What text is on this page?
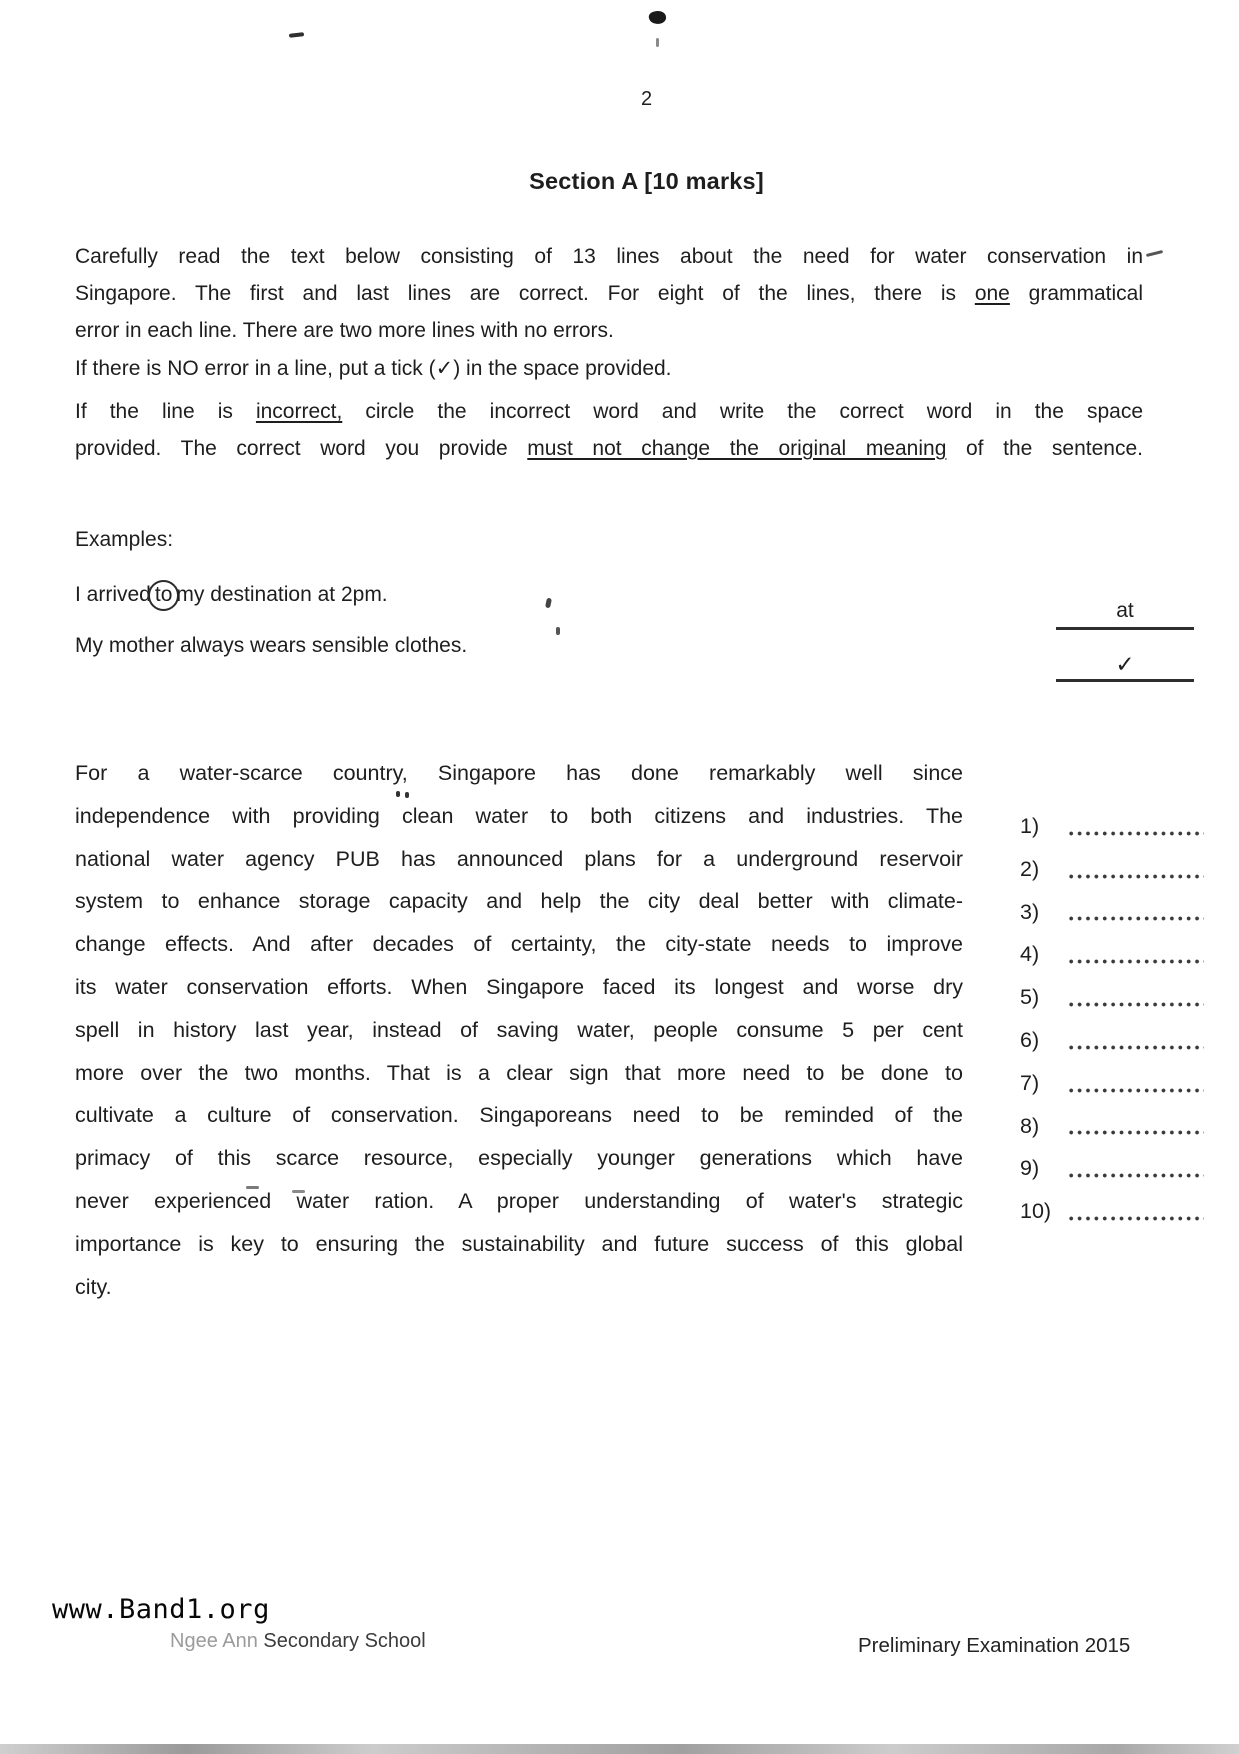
2
Section A [10 marks]
Carefully read the text below consisting of 13 lines about the need for water conservation in
Singapore. The first and last lines are correct. For eight of the lines, there is one grammatical
error in each line. There are two more lines with no errors.
If there is NO error in a line, put a tick (✓) in the space provided.
If the line is incorrect, circle the incorrect word and write the correct word in the space
provided. The correct word you provide must not change the original meaning of the sentence.
Examples:
I arrived to my destination at 2pm.
at
My mother always wears sensible clothes.
✓
For a water-scarce country, Singapore has done remarkably well since
independence with providing clean water to both citizens and industries. The
national water agency PUB has announced plans for a underground reservoir
system to enhance storage capacity and help the city deal better with climate-
change effects. And after decades of certainty, the city-state needs to improve
its water conservation efforts. When Singapore faced its longest and worse dry
spell in history last year, instead of saving water, people consume 5 per cent
more over the two months. That is a clear sign that more need to be done to
cultivate a culture of conservation. Singaporeans need to be reminded of the
primacy of this scarce resource, especially younger generations which have
never experienced water ration. A proper understanding of water's strategic
importance is key to ensuring the sustainability and future success of this global
city.
1)
2)
3)
4)
5)
6)
7)
8)
9)
10)
www.Band1.org
Ngee Ann Secondary School	Preliminary Examination 2015
